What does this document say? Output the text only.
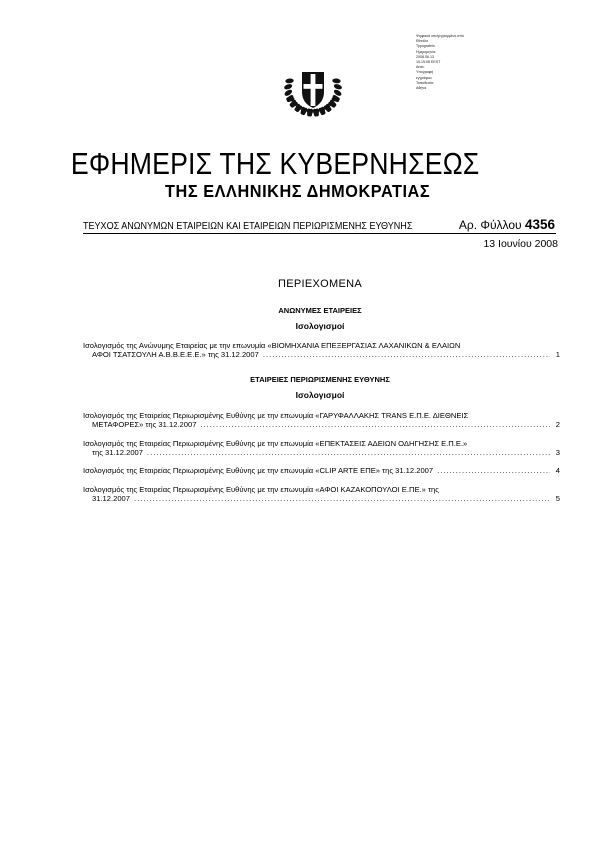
Ψηφιακά υπογεγραμμένο από
Ethniko
Typografeio
Ημερομηνία:
2008.06.13
15:19:08 EEST
Αιτία:
Υπογραφή
εγγράφου
Τοποθεσία:
Αθήνα
ΕΦΗΜΕΡΙΣ ΤΗΣ ΚΥΒΕΡΝΗΣΕΩΣ
ΤΗΣ ΕΛΛΗΝΙΚΗΣ ΔΗΜΟΚΡΑΤΙΑΣ
ΤΕΥΧΟΣ ΑΝΩΝΥΜΩΝ ΕΤΑΙΡΕΙΩΝ ΚΑΙ ΕΤΑΙΡΕΙΩΝ ΠΕΡΙΩΡΙΣΜΕΝΗΣ ΕΥΘΥΝΗΣ	Αρ. Φύλλου 4356
13 Ιουνίου 2008
ΠΕΡΙΕΧΟΜΕΝΑ
ΑΝΩΝΥΜΕΣ ΕΤΑΙΡΕΙΕΣ
Ισολογισμοί
Ισολογισμός της Ανώνυμης Εταιρείας με την επωνυμία «ΒΙΟΜΗΧΑΝΙΑ ΕΠΕΞΕΡΓΑΣΙΑΣ ΛΑΧΑΝΙΚΩΝ & ΕΛΑΙΩΝ
ΑΦΟΙ ΤΣΑΤΣΟΥΛΗ Α.Β.Β.Ε.Ε.Ε.» της 31.12.2007 .....	1
ΕΤΑΙΡΕΙΕΣ ΠΕΡΙΩΡΙΣΜΕΝΗΣ ΕΥΘΥΝΗΣ
Ισολογισμοί
Ισολογισμός της Εταιρείας Περιωρισμένης Ευθύνης με την επωνυμία «ΓΑΡΥΦΑΛΛΑΚΗΣ TRANS Ε.Π.Ε. ΔΙΕΘΝΕΙΣ
ΜΕΤΑΦΟΡΕΣ» της 31.12.2007 .....	2
Ισολογισμός της Εταιρείας Περιωρισμένης Ευθύνης με την επωνυμία «ΕΠΕΚΤΑΣΕΙΣ ΑΔΕΙΩΝ ΟΔΗΓΗΣΗΣ Ε.Π.Ε.»
της 31.12.2007 .....	3
Ισολογισμός της Εταιρείας Περιωρισμένης Ευθύνης με την επωνυμία «CLIP ARTE ΕΠΕ» της 31.12.2007 .....	4
Ισολογισμός της Εταιρείας Περιωρισμένης Ευθύνης με την επωνυμία «ΑΦΟΙ ΚΑΖΑΚΟΠΟΥΛΟΙ Ε.ΠΕ.» της
31.12.2007 .....	5
